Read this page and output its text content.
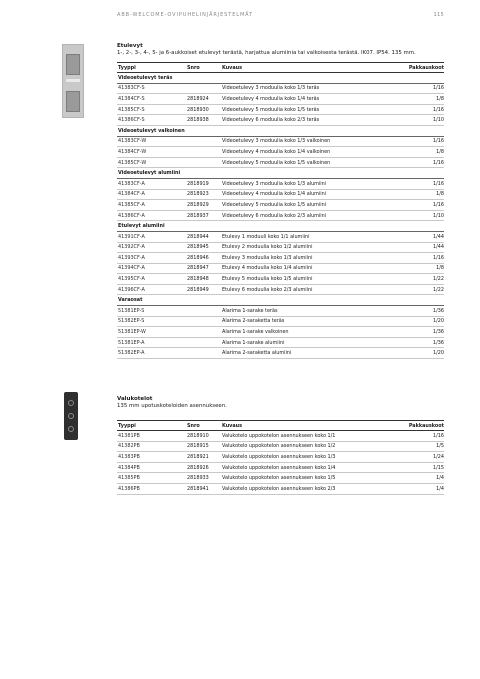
ABB-WELCOME-OVIPUHELINJÄRJESTELMÄT	115
Etulevyt
1-, 2-, 3-, 4-, 5- ja 6-aukkoiset etulevyt terästä, harjattua alumiinia tai valkoisesta terästä. IK07. IP54. 135 mm.
Tyyppi	Snro	Kuvaus	Pakkauskoot
Videoetulevyt teräs			
41383CF-S		Videoetulevy 3 moduulia koko 1/3 teräs	1/16
41384CF-S	2818924	Videoetulevy 4 moduulia koko 1/4 teräs	1/8
41385CF-S	2818930	Videoetulevy 5 moduulia koko 1/5 teräs	1/16
41386CF-S	2818938	Videoetulevy 6 moduulia koko 2/3 teräs	1/10
Videoetulevyt valkoinen			
41383CF-W		Videoetulevy 3 moduulia koko 1/3 valkoinen	1/16
41384CF-W		Videoetulevy 4 moduulia koko 1/4 valkoinen	1/8
41385CF-W		Videoetulevy 5 moduulia koko 1/5 valkoinen	1/16
Videoetulevyt alumiini			
41383CF-A	2818919	Videoetulevy 3 moduulia koko 1/3 alumiini	1/16
41384CF-A	2818923	Videoetulevy 4 moduulia koko 1/4 alumiini	1/8
41385CF-A	2818929	Videoetulevy 5 moduulia koko 1/5 alumiini	1/16
41386CF-A	2818937	Videoetulevy 6 moduulia koko 2/3 alumiini	1/10
Etulevyt alumiini			
41391CF-A	2818944	Etulevy 1 moduuli koko 1/1 alumiini	1/44
41392CF-A	2818945	Etulevy 2 moduulia koko 1/2 alumiini	1/44
41393CF-A	2818946	Etulevy 3 moduulia koko 1/3 alumiini	1/16
41394CF-A	2818947	Etulevy 4 moduulia koko 1/4 alumiini	1/8
41395CF-A	2818948	Etulevy 5 moduulia koko 1/5 alumiini	1/22
41396CF-A	2818949	Etulevy 6 moduulia koko 2/3 alumiini	1/22
Varaosat			
51381EP-S		Alarima 1-sarake teräs	1/36
51382EP-S		Alarima 2-saraketta teräs	1/20
51381EP-W		Alarima 1-sarake valkoinen	1/36
51381EP-A		Alarima 1-sarake alumiini	1/36
51382EP-A		Alarima 2-saraketta alumiini	1/20
Valukotelot
135 mm upotuskoteloiden asennukseen.
Tyyppi	Snro	Kuvaus	Pakkauskoot
41381PB	2818910	Valukotelo uppokotelon asennukseen koko 1/1	1/16
41382PB	2818915	Valukotelo uppokotelon asennukseen koko 1/2	1/5
41383PB	2818921	Valukotelo uppokotelon asennukseen koko 1/3	1/24
41384PB	2818926	Valukotelo uppokotelon asennukseen koko 1/4	1/15
41385PB	2818933	Valukotelo uppokotelon asennukseen koko 1/5	1/4
41386PB	2818941	Valukotelo uppokotelon asennukseen koko 2/3	1/4
